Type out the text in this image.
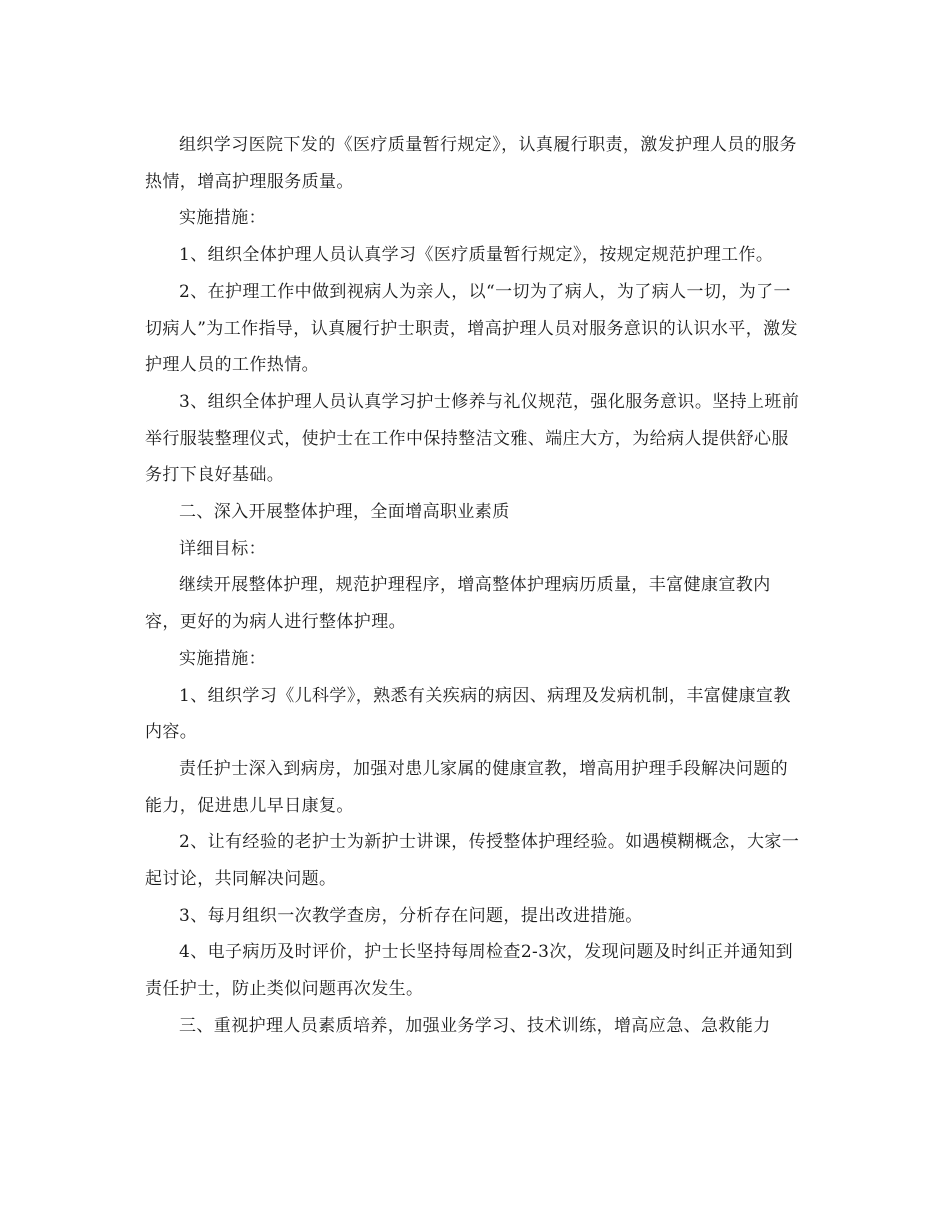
组织学习医院下发的《医疗质量暂行规定》，认真履行职责，激发护理人员的服务热情，增高护理服务质量。

实施措施：

1、组织全体护理人员认真学习《医疗质量暂行规定》，按规定规范护理工作。

2、在护理工作中做到视病人为亲人，以“一切为了病人，为了病人一切，为了一切病人”为工作指导，认真履行护士职责，增高护理人员对服务意识的认识水平，激发护理人员的工作热情。

3、组织全体护理人员认真学习护士修养与礼仪规范，强化服务意识。坚持上班前举行服装整理仪式，使护士在工作中保持整洁文雅、端庄大方，为给病人提供舒心服务打下良好基础。

二、深入开展整体护理，全面增高职业素质

详细目标：

继续开展整体护理，规范护理程序，增高整体护理病历质量，丰富健康宣教内容，更好的为病人进行整体护理。

实施措施：

1、组织学习《儿科学》，熟悉有关疾病的病因、病理及发病机制，丰富健康宣教内容。

责任护士深入到病房，加强对患儿家属的健康宣教，增高用护理手段解决问题的能力，促进患儿早日康复。

2、让有经验的老护士为新护士讲课，传授整体护理经验。如遇模糊概念，大家一起讨论，共同解决问题。

3、每月组织一次教学查房，分析存在问题，提出改进措施。

4、电子病历及时评价，护士长坚持每周检查2-3次，发现问题及时纠正并通知到责任护士，防止类似问题再次发生。

三、重视护理人员素质培养，加强业务学习、技术训练，增高应急、急救能力
